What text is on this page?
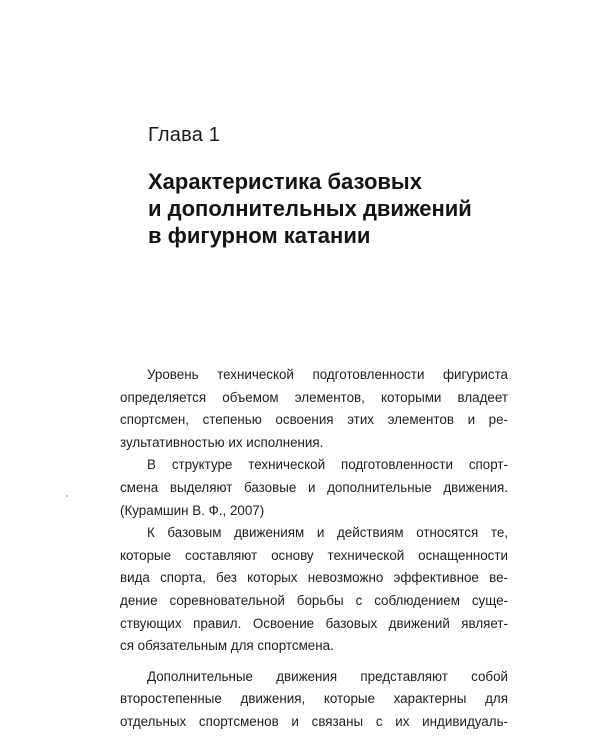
Глава 1
Характеристика базовых
и дополнительных движений
в фигурном катании

Уровень технической подготовленности фигуриста
определяется объемом элементов, которыми владеет
спортсмен, степенью освоения этих элементов и ре-
зультативностью их исполнения.

В структуре технической подготовленности спорт-
смена выделяют базовые и дополнительные движения.
(Курамшин В. Ф., 2007)

К базовым движениям и действиям относятся те,
которые составляют основу технической оснащенности
вида спорта, без которых невозможно эффективное ве-
дение соревновательной борьбы с соблюдением суще-
ствующих правил. Освоение базовых движений являет-
ся обязательным для спортсмена.

Дополнительные движения представляют собой
второстепенные движения, которые характерны для
отдельных спортсменов и связаны с их индивидуаль-
